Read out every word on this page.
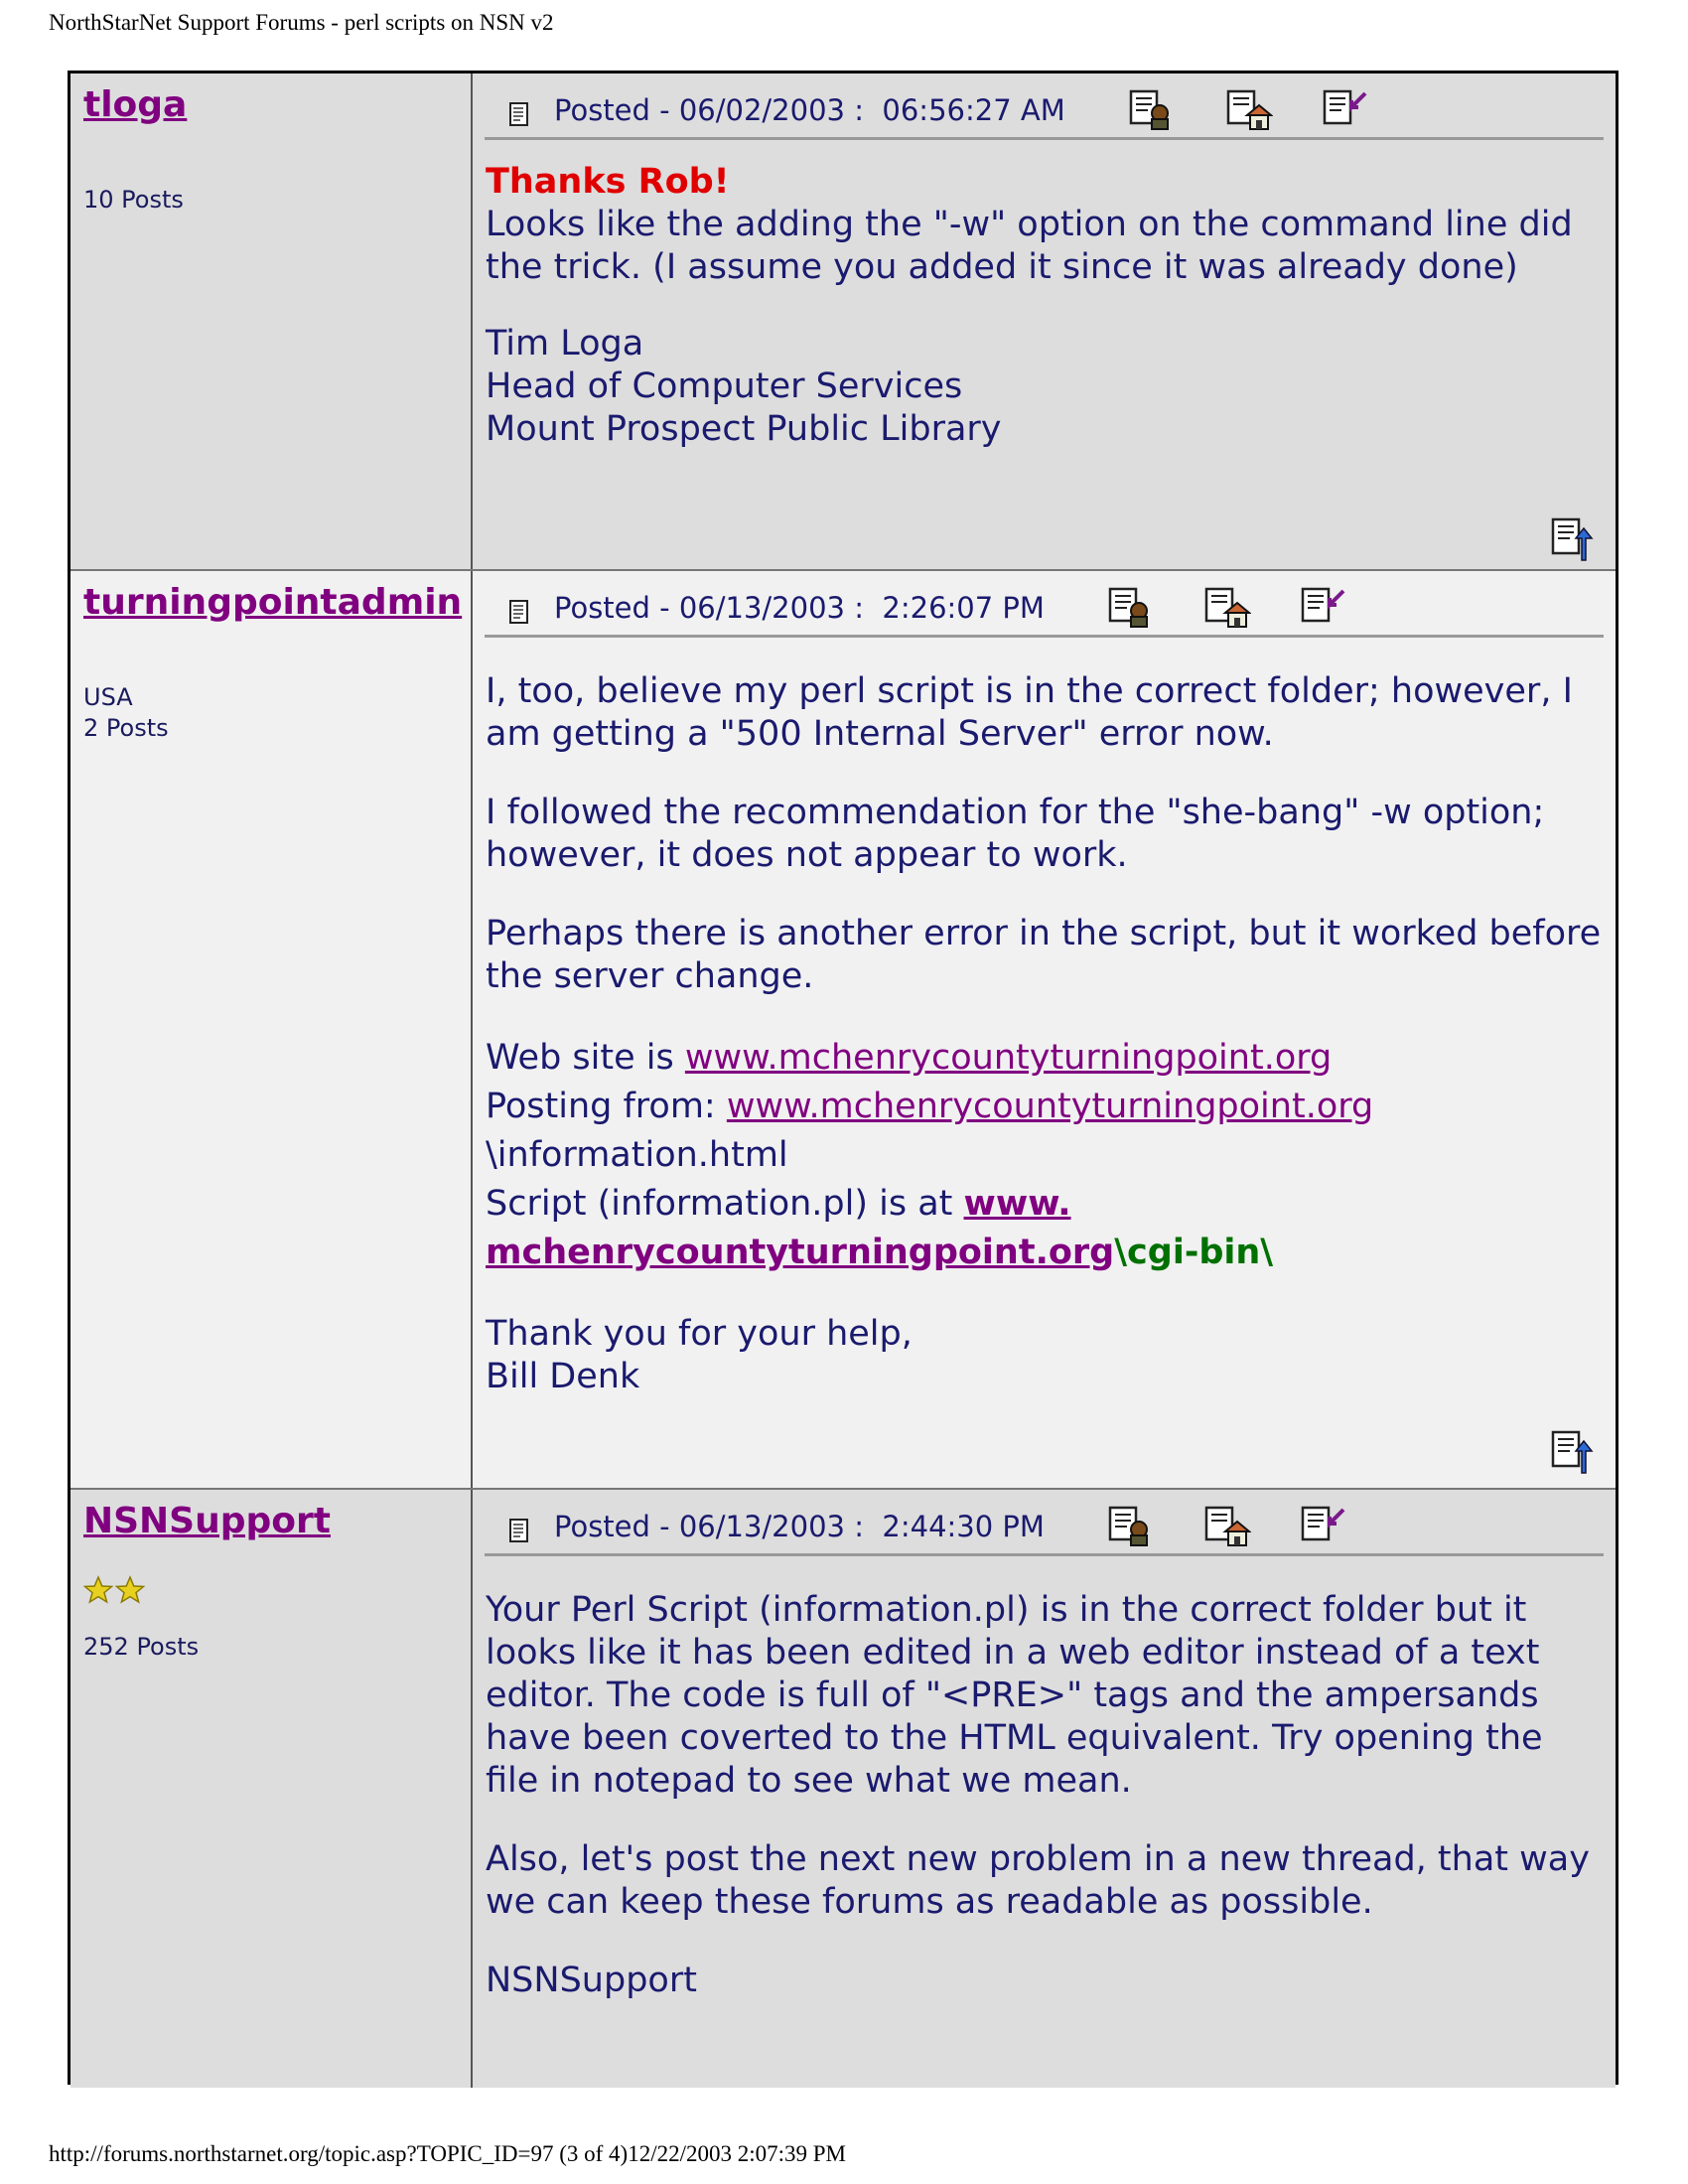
NorthStarNet Support Forums - perl scripts on NSN v2
tloga
10 Posts
Posted - 06/02/2003 :  06:56:27 AM
Thanks Rob!

Looks like the adding the "-w" option on the command line did the trick. (I assume you added it since it was already done)

Tim Loga
Head of Computer Services
Mount Prospect Public Library

turningpointadmin
USA
2 Posts
Posted - 06/13/2003 :  2:26:07 PM

I, too, believe my perl script is in the correct folder; however, I am getting a "500 Internal Server" error now.

I followed the recommendation for the "she-bang" -w option; however, it does not appear to work.

Perhaps there is another error in the script, but it worked before the server change.

Web site is www.mchenrycountyturningpoint.org
Posting from: www.mchenrycountyturningpoint.org
\information.html
Script (information.pl) is at www.
mchenrycountyturningpoint.org\cgi-bin\

Thank you for your help,
Bill Denk

NSNSupport
252 Posts
Posted - 06/13/2003 :  2:44:30 PM

Your Perl Script (information.pl) is in the correct folder but it looks like it has been edited in a web editor instead of a text editor. The code is full of "<PRE>" tags and the ampersands have been coverted to the HTML equivalent. Try opening the file in notepad to see what we mean.

Also, let's post the next new problem in a new thread, that way we can keep these forums as readable as possible.

NSNSupport

http://forums.northstarnet.org/topic.asp?TOPIC_ID=97 (3 of 4)12/22/2003 2:07:39 PM
